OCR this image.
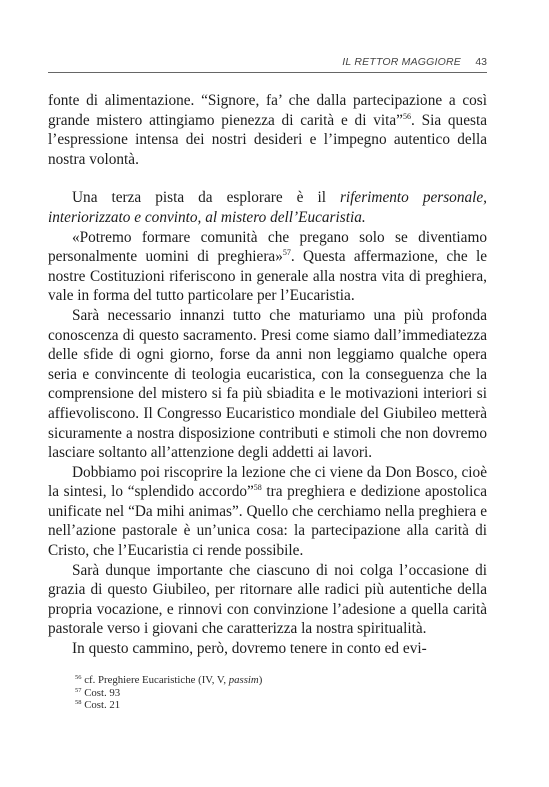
IL RETTOR MAGGIORE 43

fonte di alimentazione. “Signore, fa’ che dalla partecipazione a così grande mistero attingiamo pienezza di carità e di vita”$^{56}$. Sia questa l’espressione intensa dei nostri desideri e l’impegno autentico della nostra volontà.

Una terza pista da esplorare è il riferimento personale, interiorizzato e convinto, al mistero dell’Eucaristia.

«Potremo formare comunità che pregano solo se diventiamo personalmente uomini di preghiera»$^{57}$. Questa affermazione, che le nostre Costituzioni riferiscono in generale alla nostra vita di preghiera, vale in forma del tutto particolare per l’Eucaristia.

Sarà necessario innanzi tutto che maturiamo una più profonda conoscenza di questo sacramento. Presi come siamo dall’immediatezza delle sfide di ogni giorno, forse da anni non leggiamo qualche opera seria e convincente di teologia eucaristica, con la conseguenza che la comprensione del mistero si fa più sbiadita e le motivazioni interiori si affievoliscono. Il Congresso Eucaristico mondiale del Giubileo metterà sicuramente a nostra disposizione contributi e stimoli che non dovremo lasciare soltanto all’attenzione degli addetti ai lavori.

Dobbiamo poi riscoprire la lezione che ci viene da Don Bosco, cioè la sintesi, lo “splendido accordo”$^{58}$ tra preghiera e dedizione apostolica unificate nel “Da mihi animas”. Quello che cerchiamo nella preghiera e nell’azione pastorale è un’unica cosa: la partecipazione alla carità di Cristo, che l’Eucaristia ci rende possibile.

Sarà dunque importante che ciascuno di noi colga l’occasione di grazia di questo Giubileo, per ritornare alle radici più autentiche della propria vocazione, e rinnovi con convinzione l’adesione a quella carità pastorale verso i giovani che caratterizza la nostra spiritualità.

In questo cammino, però, dovremo tenere in conto ed evi-

$^{56}$ cf. Preghiere Eucaristiche (IV, V, passim)
$^{57}$ Cost. 93
$^{58}$ Cost. 21
